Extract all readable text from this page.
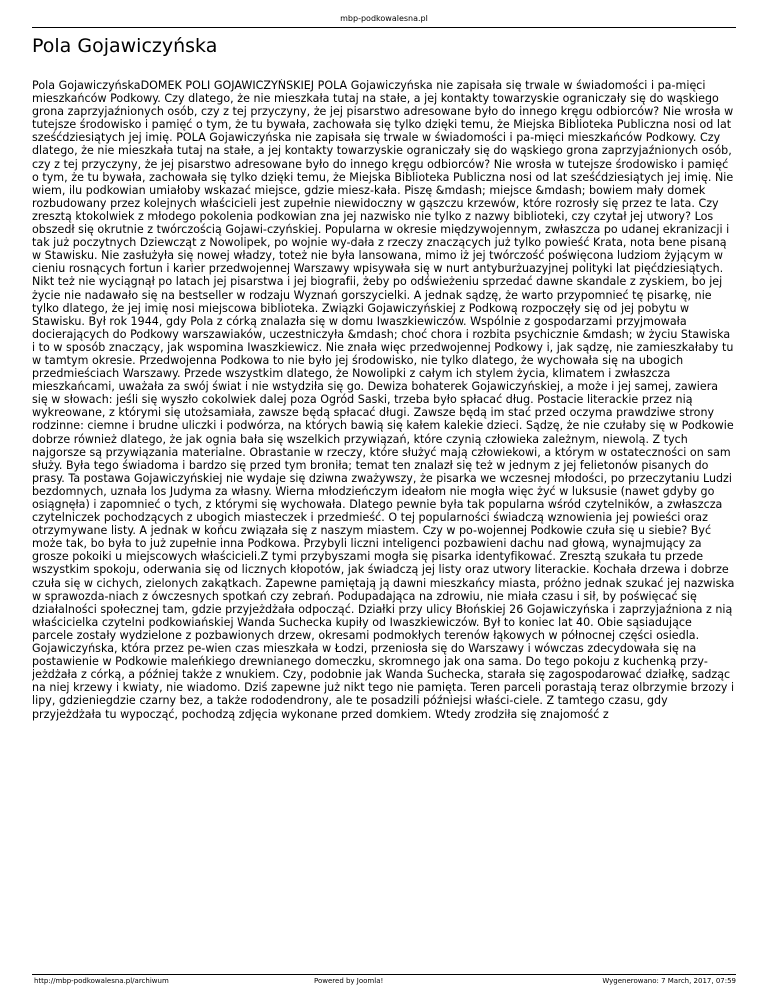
mbp-podkowalesna.pl
Pola Gojawiczyńska

Pola GojawiczyńskaDOMEK POLI GOJAWICZYŃSKIEJ POLA Gojawiczyńska nie zapisała się trwale w świadomości i pa-mięci mieszkańców Podkowy. Czy dlatego, że nie mieszkała tutaj na stałe, a jej kontakty towarzyskie ograniczały się do wąskiego grona zaprzyjaźnionych osób, czy z tej przyczyny, że jej pisarstwo adresowane było do innego kręgu odbiorców? Nie wrosła w tutejsze środowisko i pamięć o tym, że tu bywała, zachowała się tylko dzięki temu, że Miejska Biblioteka Publiczna nosi od lat sześćdziesiątych jej imię. POLA Gojawiczyńska nie zapisała się trwale w świadomości i pa-mięci mieszkańców Podkowy. Czy dlatego, że nie mieszkała tutaj na stałe, a jej kontakty towarzyskie ograniczały się do wąskiego grona zaprzyjaźnionych osób, czy z tej przyczyny, że jej pisarstwo adresowane było do innego kręgu odbiorców? Nie wrosła w tutejsze środowisko i pamięć o tym, że tu bywała, zachowała się tylko dzięki temu, że Miejska Biblioteka Publiczna nosi od lat sześćdziesiątych jej imię. Nie wiem, ilu podkowian umiałoby wskazać miejsce, gdzie miesz-kała. Piszę &mdash; miejsce &mdash; bowiem mały domek rozbudowany przez kolejnych właścicieli jest zupełnie niewidoczny w gąszczu krzewów, które rozrosły się przez te lata. Czy zresztą ktokolwiek z młodego pokolenia podkowian zna jej nazwisko nie tylko z nazwy biblioteki, czy czytał jej utwory? Los obszedł się okrutnie z twórczością Gojawi-czyńskiej. Popularna w okresie międzywojennym, zwłaszcza po udanej ekranizacji i tak już poczytnych Dziewcząt z Nowolipek, po wojnie wy-dała z rzeczy znaczących już tylko powieść Krata, nota bene pisaną w Stawisku. Nie zasłużyła się nowej władzy, toteż nie była lansowana, mimo iż jej twórczość poświęcona ludziom żyjącym w cieniu rosnących fortun i karier przedwojennej Warszawy wpisywała się w nurt antyburżuazyjnej polityki lat pięćdziesiątych. Nikt też nie wyciągnął po latach jej pisarstwa i jej biografii, żeby po odświeżeniu sprzedać dawne skandale z zyskiem, bo jej życie nie nadawało się na bestseller w rodzaju Wyznań gorszycielki. A jednak sądzę, że warto przypomnieć tę pisarkę, nie tylko dlatego, że jej imię nosi miejscowa biblioteka. Związki Gojawiczyńskiej z Podkową rozpoczęły się od jej pobytu w Stawisku. Był rok 1944, gdy Pola z córką znalazła się w domu Iwaszkiewiczów. Wspólnie z gospodarzami przyjmowała docierających do Podkowy warszawiaków, uczestniczyła &mdash; choć chora i rozbita psychicznie &mdash; w życiu Stawiska i to w sposób znaczący, jak wspomina Iwaszkiewicz. Nie znała więc przedwojennej Podkowy i, jak sądzę, nie zamieszkałaby tu w tamtym okresie. Przedwojenna Podkowa to nie było jej środowisko, nie tylko dlatego, że wychowała się na ubogich przedmieściach Warszawy. Przede wszystkim dlatego, że Nowolipki z całym ich stylem życia, klimatem i zwłaszcza mieszkańcami, uważała za swój świat i nie wstydziła się go. Dewiza bohaterek Gojawiczyńskiej, a może i jej samej, zawiera się w słowach: jeśli się wyszło cokolwiek dalej poza Ogród Saski, trzeba było spłacać dług. Postacie literackie przez nią wykreowane, z którymi się utożsamiała, zawsze będą spłacać długi. Zawsze będą im stać przed oczyma prawdziwe strony rodzinne: ciemne i brudne uliczki i podwórza, na których bawią się kałem kalekie dzieci. Sądzę, że nie czułaby się w Podkowie dobrze również dlatego, że jak ognia bała się wszelkich przywiązań, które czynią człowieka zależnym, niewolą. Z tych najgorsze są przywiązania materialne. Obrastanie w rzeczy, które służyć mają człowiekowi, a którym w ostateczności on sam służy. Była tego świadoma i bardzo się przed tym broniła; temat ten znalazł się też w jednym z jej felietonów pisanych do prasy. Ta postawa Gojawiczyńskiej nie wydaje się dziwna zważywszy, że pisarka we wczesnej młodości, po przeczytaniu Ludzi bezdomnych, uznała los Judyma za własny. Wierna młodzieńczym ideałom nie mogła więc żyć w luksusie (nawet gdyby go osiągnęła) i zapomnieć o tych, z którymi się wychowała. Dlatego pewnie była tak popularna wśród czytelników, a zwłaszcza czytelniczek pochodzących z ubogich miasteczek i przedmieść. O tej popularności świadczą wznowienia jej powieści oraz otrzymywane listy. A jednak w końcu związała się z naszym miastem. Czy w po-wojennej Podkowie czuła się u siebie? Być może tak, bo była to już zupełnie inna Podkowa. Przybyli liczni inteligenci pozbawieni dachu nad głową, wynajmujący za grosze pokoiki u miejscowych właścicieli.Z tymi przybyszami mogła się pisarka identyfikować. Zresztą szukała tu przede wszystkim spokoju, oderwania się od licznych kłopotów, jak świadczą jej listy oraz utwory literackie. Kochała drzewa i dobrze czuła się w cichych, zielonych zakątkach. Zapewne pamiętają ją dawni mieszkańcy miasta, próżno jednak szukać jej nazwiska w sprawozda-niach z ówczesnych spotkań czy zebrań. Podupadająca na zdrowiu, nie miała czasu i sił, by poświęcać się działalności społecznej tam, gdzie przyjeżdżała odpocząć. Działki przy ulicy Błońskiej 26 Gojawiczyńska i zaprzyjaźniona z nią właścicielka czytelni podkowiańskiej Wanda Suchecka kupiły od Iwaszkiewiczów. Był to koniec lat 40. Obie sąsiadujące parcele zostały wydzielone z pozbawionych drzew, okresami podmokłych terenów łąkowych w północnej części osiedla. Gojawiczyńska, która przez pe-wien czas mieszkała w Łodzi, przeniosła się do Warszawy i wówczas zdecydowała się na postawienie w Podkowie maleńkiego drewnianego domeczku, skromnego jak ona sama. Do tego pokoju z kuchenką przy-jeżdżała z córką, a później także z wnukiem. Czy, podobnie jak Wanda Suchecka, starała się zagospodarować działkę, sadząc na niej krzewy i kwiaty, nie wiadomo. Dziś zapewne już nikt tego nie pamięta. Teren parceli porastają teraz olbrzymie brzozy i lipy, gdzieniegdzie czarny bez, a także rododendrony, ale te posadzili późniejsi właści-ciele. Z tamtego czasu, gdy przyjeżdżała tu wypocząć, pochodzą zdjęcia wykonane przed domkiem. Wtedy zrodziła się znajomość z

http://mbp-podkowalesna.pl/archiwum	Powered by Joomla!	Wygenerowano: 7 March, 2017, 07:59
